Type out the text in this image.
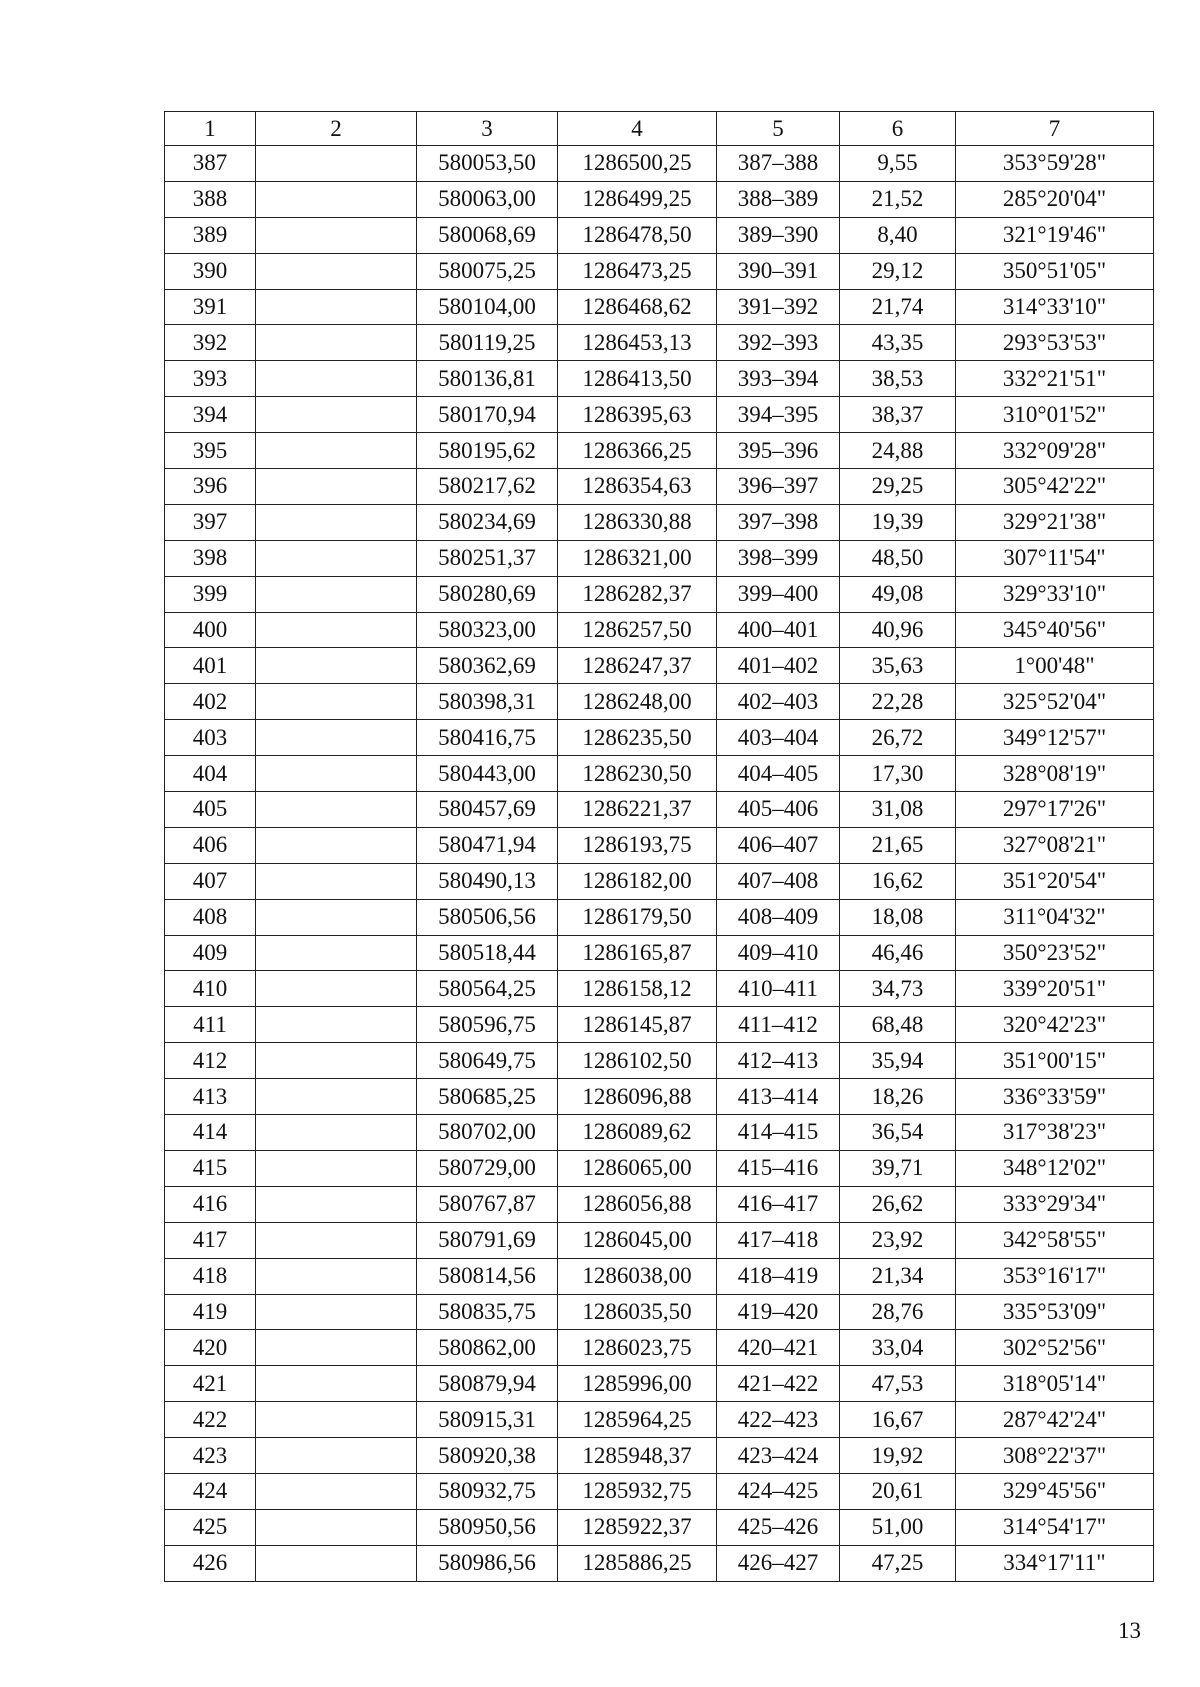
1	2	3	4	5	6	7
387		580053,50	1286500,25	387–388	9,55	353°59'28"
388		580063,00	1286499,25	388–389	21,52	285°20'04"
389		580068,69	1286478,50	389–390	8,40	321°19'46"
390		580075,25	1286473,25	390–391	29,12	350°51'05"
391		580104,00	1286468,62	391–392	21,74	314°33'10"
392		580119,25	1286453,13	392–393	43,35	293°53'53"
393		580136,81	1286413,50	393–394	38,53	332°21'51"
394		580170,94	1286395,63	394–395	38,37	310°01'52"
395		580195,62	1286366,25	395–396	24,88	332°09'28"
396		580217,62	1286354,63	396–397	29,25	305°42'22"
397		580234,69	1286330,88	397–398	19,39	329°21'38"
398		580251,37	1286321,00	398–399	48,50	307°11'54"
399		580280,69	1286282,37	399–400	49,08	329°33'10"
400		580323,00	1286257,50	400–401	40,96	345°40'56"
401		580362,69	1286247,37	401–402	35,63	1°00'48"
402		580398,31	1286248,00	402–403	22,28	325°52'04"
403		580416,75	1286235,50	403–404	26,72	349°12'57"
404		580443,00	1286230,50	404–405	17,30	328°08'19"
405		580457,69	1286221,37	405–406	31,08	297°17'26"
406		580471,94	1286193,75	406–407	21,65	327°08'21"
407		580490,13	1286182,00	407–408	16,62	351°20'54"
408		580506,56	1286179,50	408–409	18,08	311°04'32"
409		580518,44	1286165,87	409–410	46,46	350°23'52"
410		580564,25	1286158,12	410–411	34,73	339°20'51"
411		580596,75	1286145,87	411–412	68,48	320°42'23"
412		580649,75	1286102,50	412–413	35,94	351°00'15"
413		580685,25	1286096,88	413–414	18,26	336°33'59"
414		580702,00	1286089,62	414–415	36,54	317°38'23"
415		580729,00	1286065,00	415–416	39,71	348°12'02"
416		580767,87	1286056,88	416–417	26,62	333°29'34"
417		580791,69	1286045,00	417–418	23,92	342°58'55"
418		580814,56	1286038,00	418–419	21,34	353°16'17"
419		580835,75	1286035,50	419–420	28,76	335°53'09"
420		580862,00	1286023,75	420–421	33,04	302°52'56"
421		580879,94	1285996,00	421–422	47,53	318°05'14"
422		580915,31	1285964,25	422–423	16,67	287°42'24"
423		580920,38	1285948,37	423–424	19,92	308°22'37"
424		580932,75	1285932,75	424–425	20,61	329°45'56"
425		580950,56	1285922,37	425–426	51,00	314°54'17"
426		580986,56	1285886,25	426–427	47,25	334°17'11"
13
